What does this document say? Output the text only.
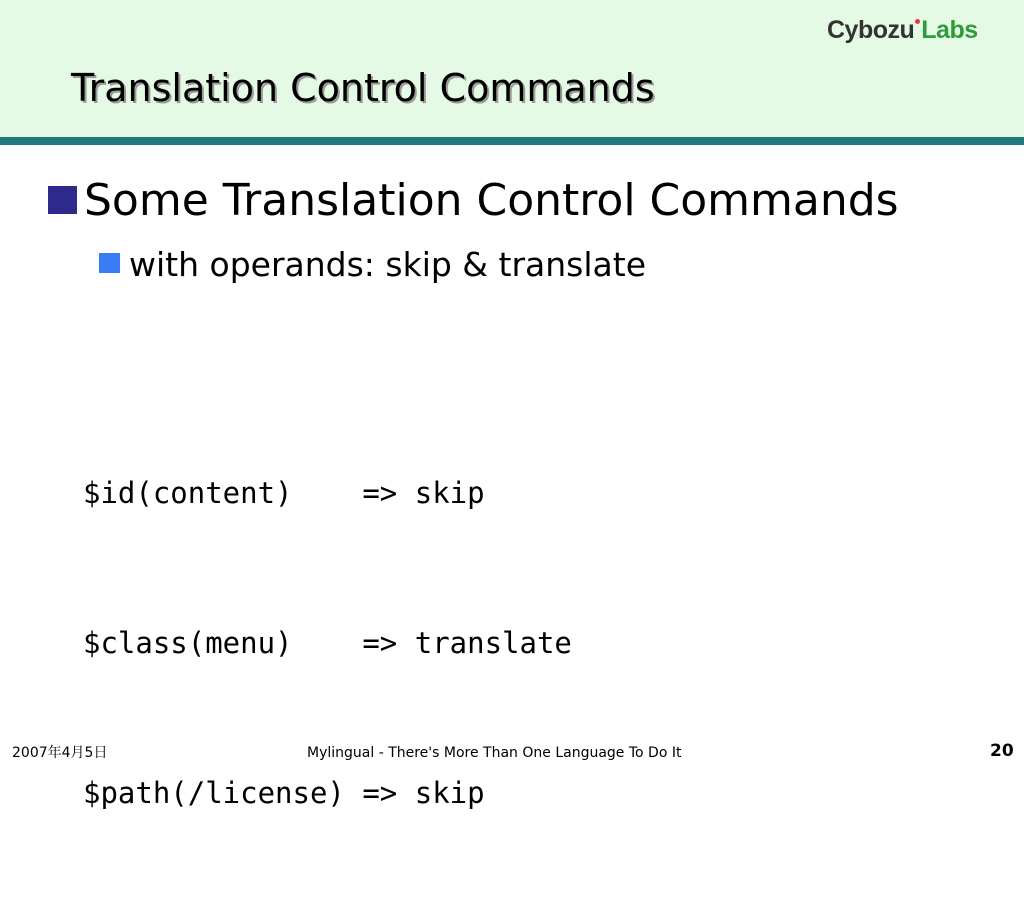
Translation Control Commands
Cybozu Labs
Some Translation Control Commands
with operands: skip & translate

$id(content)    => skip

$class(menu)    => translate

$path(/license) => skip

2007年4月5日	Mylingual - There's More Than One Language To Do It	20
